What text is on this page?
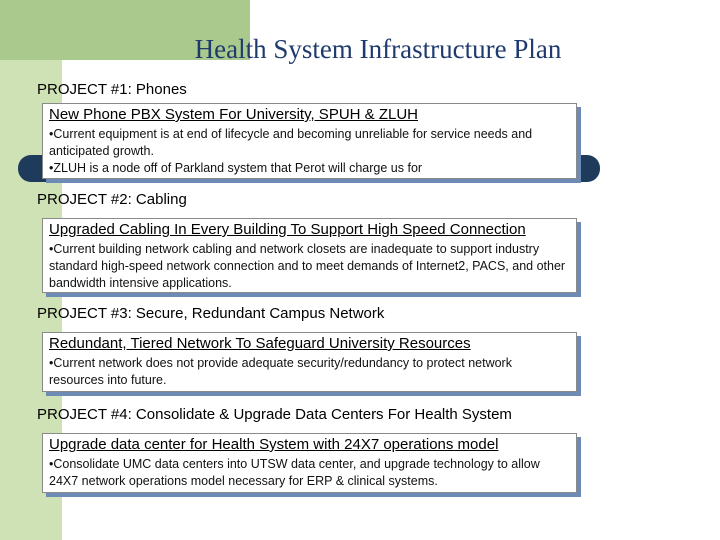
Health System Infrastructure Plan
PROJECT #1: Phones
New Phone PBX System For University, SPUH & ZLUH
•Current equipment is at end of lifecycle and becoming unreliable for service needs and anticipated growth.
•ZLUH is a node off of Parkland system that Perot will charge us for
PROJECT #2: Cabling
Upgraded Cabling In Every Building To Support High Speed Connection
•Current building network cabling and network closets are inadequate to support industry standard high-speed network connection and to meet demands of Internet2, PACS, and other bandwidth intensive applications.
PROJECT #3: Secure, Redundant Campus Network
Redundant, Tiered Network To Safeguard University Resources
•Current network does not provide adequate security/redundancy to protect network resources into future.
PROJECT #4: Consolidate & Upgrade Data Centers For Health System
Upgrade data center for Health System with 24X7 operations model
•Consolidate UMC data centers into UTSW data center, and upgrade technology to allow 24X7 network operations model necessary for ERP & clinical systems.
